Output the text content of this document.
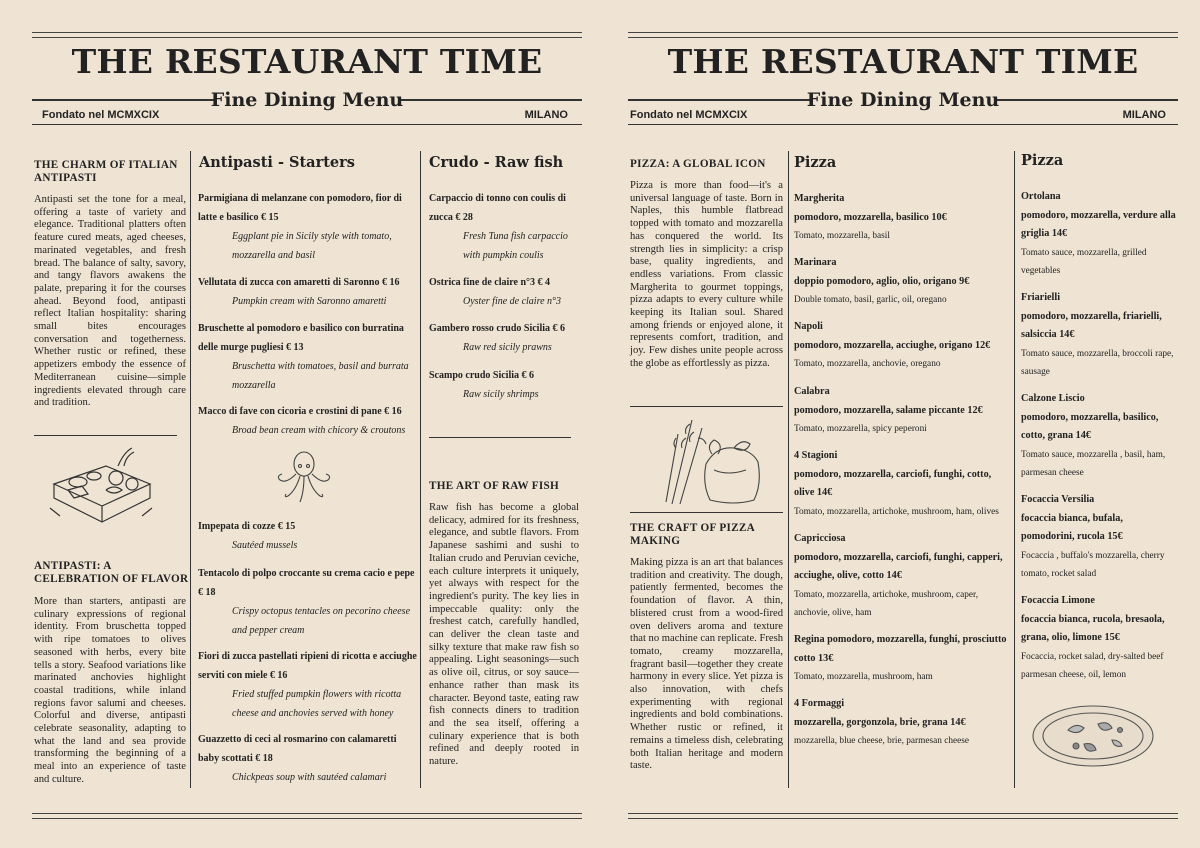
THE RESTAURANT TIME
Fine Dining Menu
Fondato nel MCMXCIX	MILANO
THE CHARM OF ITALIAN ANTIPASTI
Antipasti set the tone for a meal, offering a taste of variety and elegance. Traditional platters often feature cured meats, aged cheeses, marinated vegetables, and fresh bread. The balance of salty, savory, and tangy flavors awakens the palate, preparing it for the courses ahead. Beyond food, antipasti reflect Italian hospitality: sharing small bites encourages conversation and togetherness. Whether rustic or refined, these appetizers embody the essence of Mediterranean cuisine—simple ingredients elevated through care and tradition.
ANTIPASTI: A CELEBRATION OF FLAVOR
More than starters, antipasti are culinary expressions of regional identity. From bruschetta topped with ripe tomatoes to olives seasoned with herbs, every bite tells a story. Seafood variations like marinated anchovies highlight coastal traditions, while inland regions favor salumi and cheeses. Colorful and diverse, antipasti celebrate seasonality, adapting to what the land and sea provide transforming the beginning of a meal into an experience of taste and culture.
Antipasti - Starters
Parmigiana di melanzane con pomodoro, fior di latte e basilico € 15
Eggplant pie in Sicily style with tomato, mozzarella and basil
Vellutata di zucca con amaretti di Saronno € 16
Pumpkin cream with Saronno amaretti
Bruschette al pomodoro e basilico con burratina delle murge pugliesi € 13
Bruschetta with tomatoes, basil and burrata mozzarella
Macco di fave con cicoria e crostini di pane € 16
Broad bean cream with chicory & croutons
Impepata di cozze € 15
Sautéed mussels
Tentacolo di polpo croccante su crema cacio e pepe € 18
Crispy octopus tentacles on pecorino cheese and pepper cream
Fiori di zucca pastellati ripieni di ricotta e acciughe serviti con miele € 16
Fried stuffed pumpkin flowers with ricotta cheese and anchovies served with honey
Guazzetto di ceci al rosmarino con calamaretti baby scottati € 18
Chickpeas soup with sautéed calamari
Crudo - Raw fish
Carpaccio di tonno con coulis di zucca € 28
Fresh Tuna fish carpaccio with pumpkin coulis
Ostrica fine de claire n°3 € 4
Oyster fine de claire n°3
Gambero rosso crudo Sicilia € 6
Raw red sicily prawns
Scampo crudo Sicilia € 6
Raw sicily shrimps
THE ART OF RAW FISH
Raw fish has become a global delicacy, admired for its freshness, elegance, and subtle flavors. From Japanese sashimi and sushi to Italian crudo and Peruvian ceviche, each culture interprets it uniquely, yet always with respect for the ingredient's purity. The key lies in impeccable quality: only the freshest catch, carefully handled, can deliver the clean taste and silky texture that make raw fish so appealing. Light seasonings—such as olive oil, citrus, or soy sauce—enhance rather than mask its character. Beyond taste, eating raw fish connects diners to tradition and the sea itself, offering a culinary experience that is both refined and deeply rooted in nature.
THE RESTAURANT TIME
Fine Dining Menu
Fondato nel MCMXCIX	MILANO
PIZZA: A GLOBAL ICON
Pizza is more than food—it's a universal language of taste. Born in Naples, this humble flatbread topped with tomato and mozzarella has conquered the world. Its strength lies in simplicity: a crisp base, quality ingredients, and endless variations. From classic Margherita to gourmet toppings, pizza adapts to every culture while keeping its Italian soul. Shared among friends or enjoyed alone, it represents comfort, tradition, and joy. Few dishes unite people across the globe as effortlessly as pizza.
THE CRAFT OF PIZZA MAKING
Making pizza is an art that balances tradition and creativity. The dough, patiently fermented, becomes the foundation of flavor. A thin, blistered crust from a wood-fired oven delivers aroma and texture that no machine can replicate. Fresh tomato, creamy mozzarella, fragrant basil—together they create harmony in every slice. Yet pizza is also innovation, with chefs experimenting with regional ingredients and bold combinations. Whether rustic or refined, it remains a timeless dish, celebrating both Italian heritage and modern taste.
Pizza
Margherita
pomodoro, mozzarella, basilico 10€
Tomato, mozzarella, basil
Marinara
doppio pomodoro, aglio, olio, origano 9€
Double tomato, basil, garlic, oil, oregano
Napoli
pomodoro, mozzarella, acciughe, origano 12€
Tomato, mozzarella, anchovie, oregano
Calabra
pomodoro, mozzarella, salame piccante 12€
Tomato, mozzarella, spicy peperoni
4 Stagioni
pomodoro, mozzarella, carciofi, funghi, cotto, olive 14€
Tomato, mozzarella, artichoke, mushroom, ham, olives
Capricciosa
pomodoro, mozzarella, carciofi, funghi, capperi, acciughe, olive, cotto 14€
Tomato, mozzarella, artichoke, mushroom, caper, anchovie, olive, ham
Regina pomodoro, mozzarella, funghi, prosciutto cotto 13€
Tomato, mozzarella, mushroom, ham
4 Formaggi
mozzarella, gorgonzola, brie, grana 14€
mozzarella, blue cheese, brie, parmesan cheese
Pizza
Ortolana
pomodoro, mozzarella, verdure alla griglia 14€
Tomato sauce, mozzarella, grilled vegetables
Friarielli
pomodoro, mozzarella, friarielli, salsiccia 14€
Tomato sauce, mozzarella, broccoli rape, sausage
Calzone Liscio
pomodoro, mozzarella, basilico, cotto, grana 14€
Tomato sauce, mozzarella , basil, ham, parmesan cheese
Focaccia Versilia
focaccia bianca, bufala, pomodorini, rucola 15€
Focaccia , buffalo's mozzarella, cherry tomato, rocket salad
Focaccia Limone
focaccia bianca, rucola, bresaola, grana, olio, limone 15€
Focaccia, rocket salad, dry-salted beef parmesan cheese, oil, lemon
